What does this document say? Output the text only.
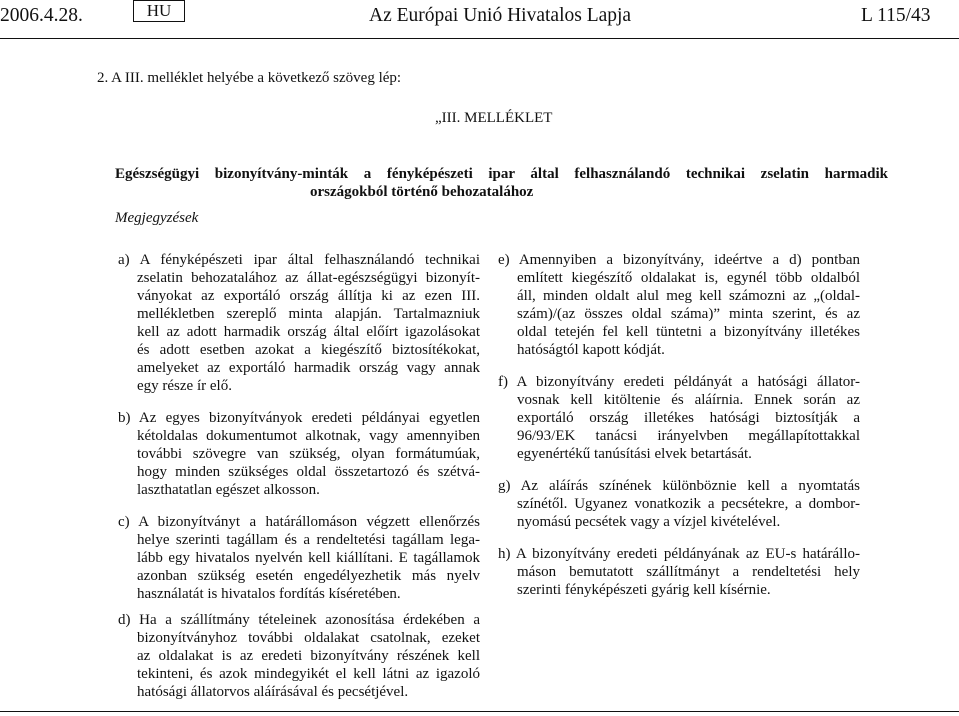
2006.4.28.	HU	Az Európai Unió Hivatalos Lapja	L 115/43
2. A III. melléklet helyébe a következő szöveg lép:
„III. MELLÉKLET
Egészségügyi bizonyítvány-minták a fényképészeti ipar által felhasználandó technikai zselatin harmadik
országokból történő behozatalához
Megjegyzések
a) A fényképészeti ipar által felhasználandó technikai
zselatin behozatalához az állat-egészségügyi bizonyít-
ványokat az exportáló ország állítja ki az ezen III.
mellékletben szereplő minta alapján. Tartalmazniuk
kell az adott harmadik ország által előírt igazolásokat
és adott esetben azokat a kiegészítő biztosítékokat,
amelyeket az exportáló harmadik ország vagy annak
egy része ír elő.
b) Az egyes bizonyítványok eredeti példányai egyetlen
kétoldalas dokumentumot alkotnak, vagy amennyiben
további szövegre van szükség, olyan formátumúak,
hogy minden szükséges oldal összetartozó és szétvá-
laszthatatlan egészet alkosson.
c) A bizonyítványt a határállomáson végzett ellenőrzés
helye szerinti tagállam és a rendeltetési tagállam lega-
lább egy hivatalos nyelvén kell kiállítani. E tagállamok
azonban szükség esetén engedélyezhetik más nyelv
használatát is hivatalos fordítás kíséretében.
d) Ha a szállítmány tételeinek azonosítása érdekében a
bizonyítványhoz további oldalakat csatolnak, ezeket
az oldalakat is az eredeti bizonyítvány részének kell
tekinteni, és azok mindegyikét el kell látni az igazoló
hatósági állatorvos aláírásával és pecsétjével.
e) Amennyiben a bizonyítvány, ideértve a d) pontban
említett kiegészítő oldalakat is, egynél több oldalból
áll, minden oldalt alul meg kell számozni az „(oldal-
szám)/(az összes oldal száma)” minta szerint, és az
oldal tetején fel kell tüntetni a bizonyítvány illetékes
hatóságtól kapott kódját.
f) A bizonyítvány eredeti példányát a hatósági állator-
vosnak kell kitöltenie és aláírnia. Ennek során az
exportáló ország illetékes hatósági biztosítják a
96/93/EK tanácsi irányelvben megállapítottakkal
egyenértékű tanúsítási elvek betartását.
g) Az aláírás színének különböznie kell a nyomtatás
színétől. Ugyanez vonatkozik a pecsétekre, a dombor-
nyomású pecsétek vagy a vízjel kivételével.
h) A bizonyítvány eredeti példányának az EU-s határállo-
máson bemutatott szállítmányt a rendeltetési hely
szerinti fényképészeti gyárig kell kísérnie.
